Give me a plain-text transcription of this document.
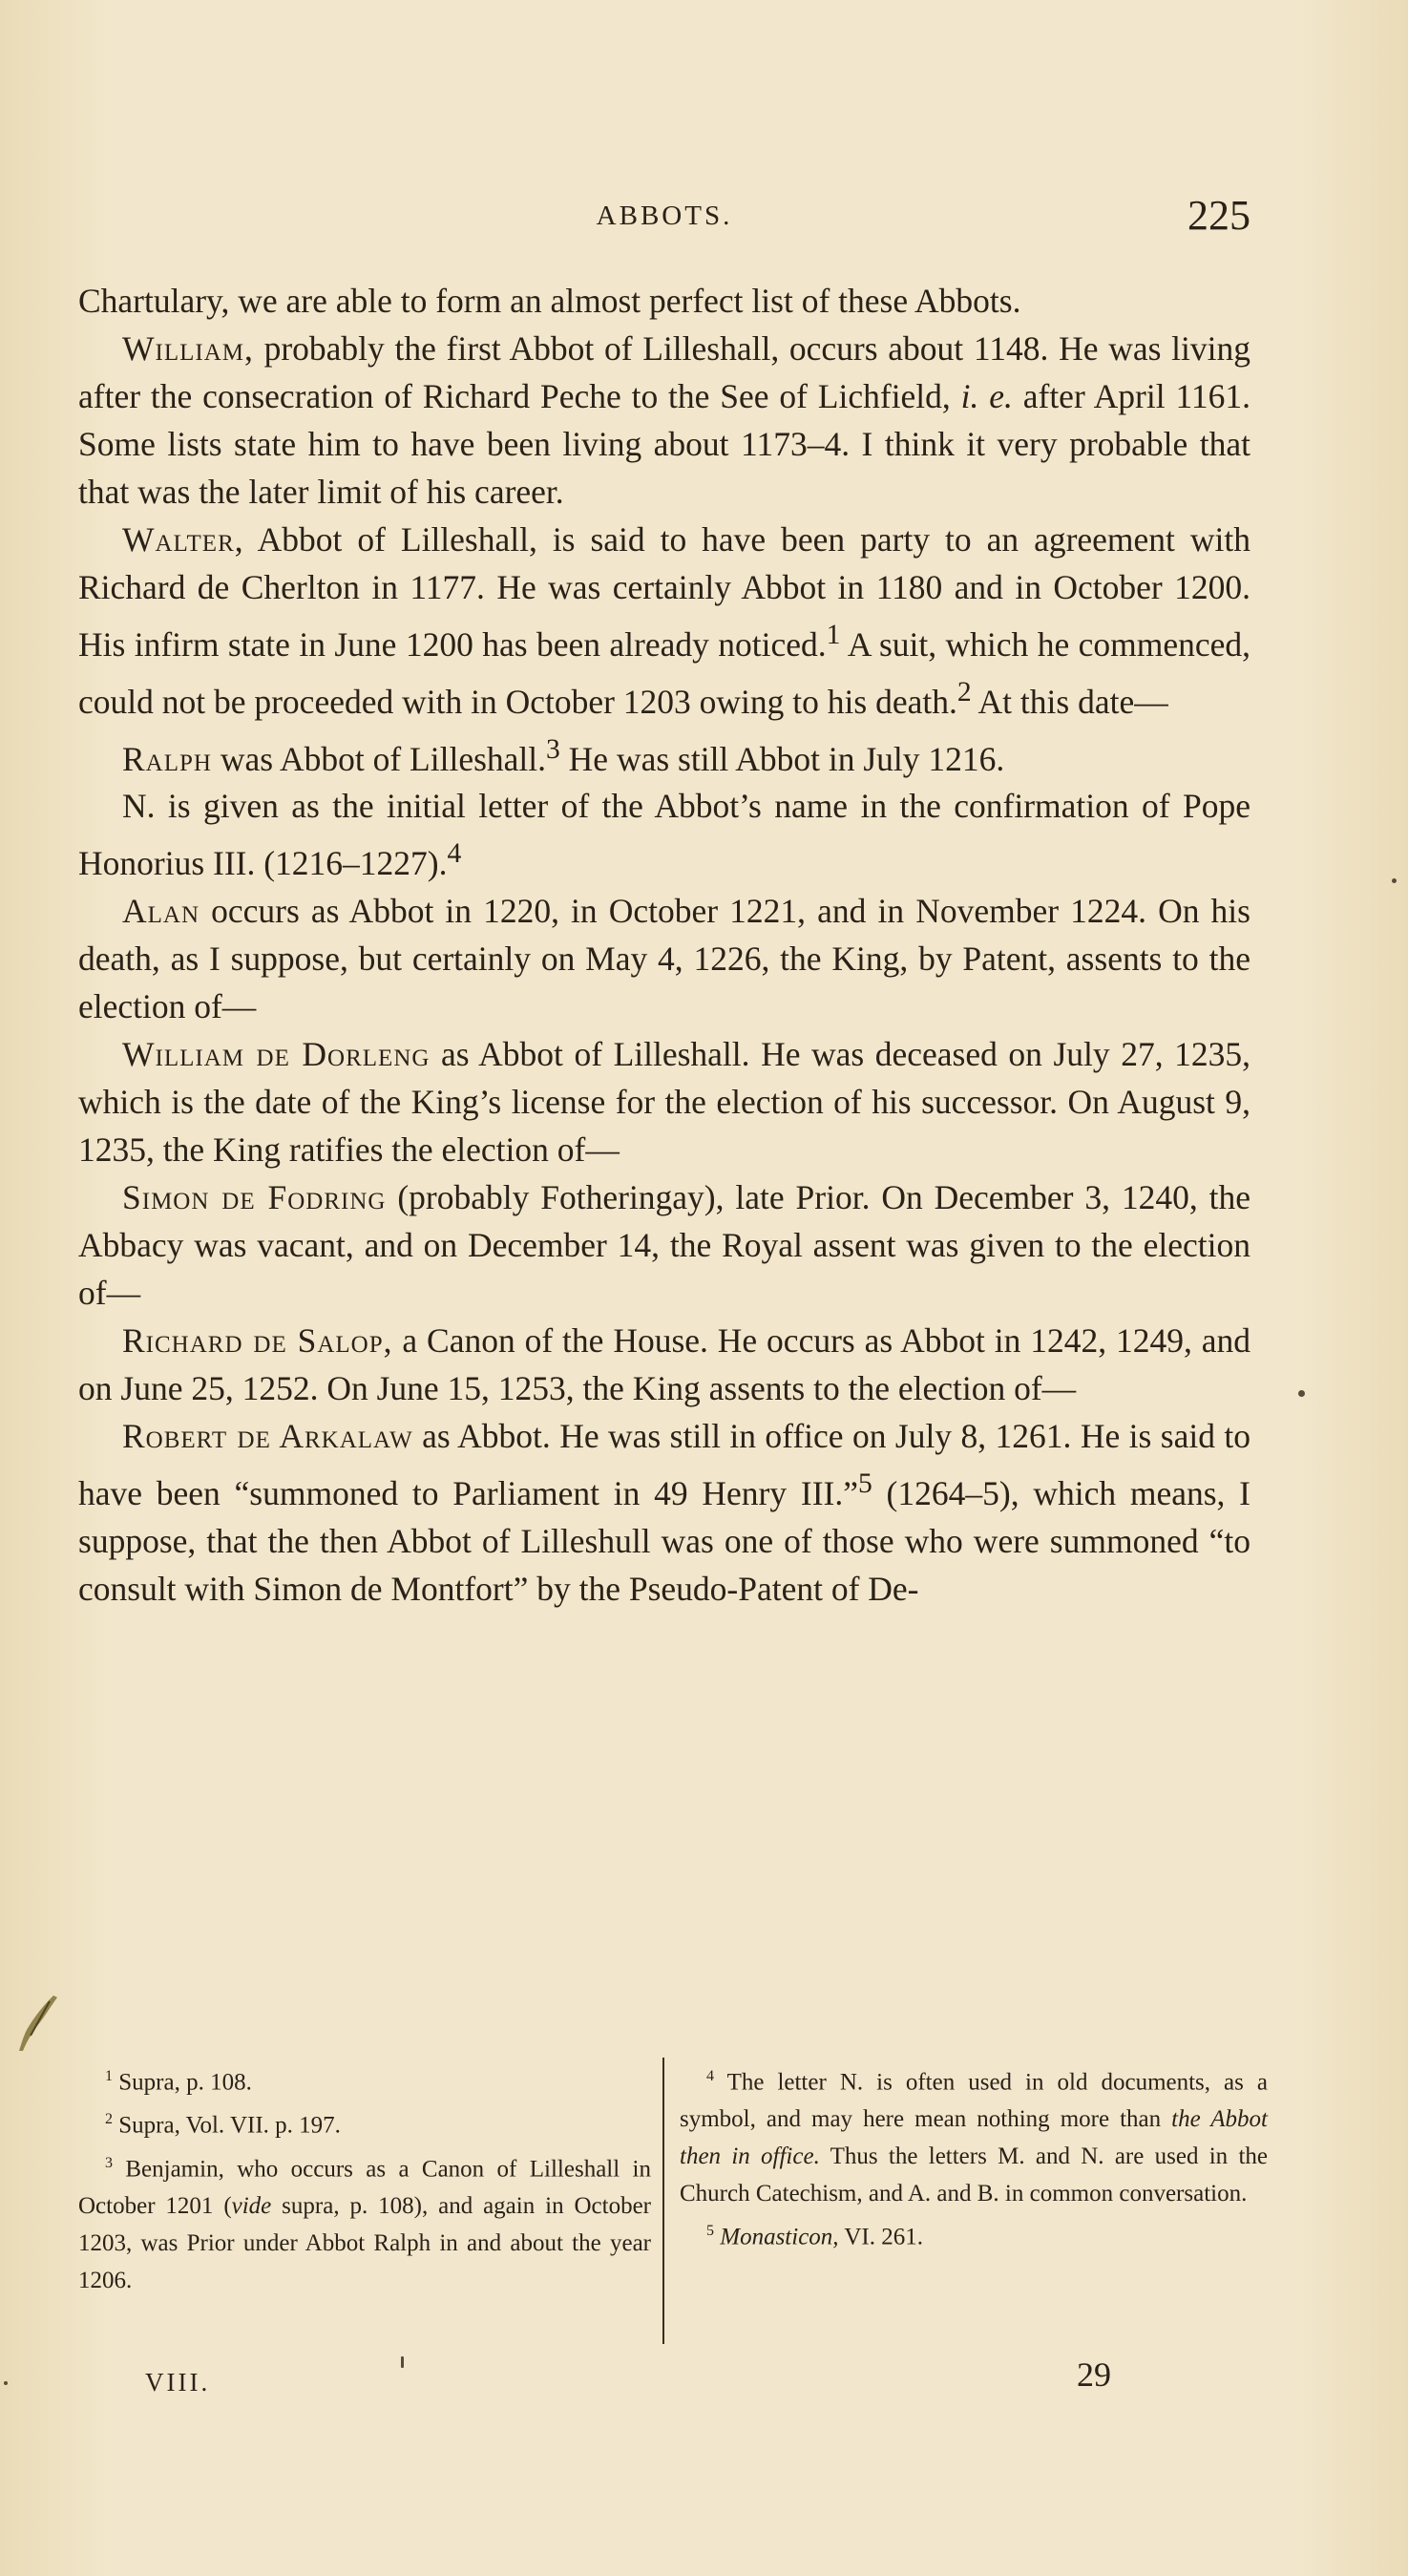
ABBOTS.	225

Chartulary, we are able to form an almost perfect list of these Abbots.

William, probably the first Abbot of Lilleshall, occurs about 1148. He was living after the consecration of Richard Peche to the See of Lichfield, i. e. after April 1161. Some lists state him to have been living about 1173–4. I think it very probable that that was the later limit of his career.

Walter, Abbot of Lilleshall, is said to have been party to an agreement with Richard de Cherlton in 1177. He was certainly Abbot in 1180 and in October 1200. His infirm state in June 1200 has been already noticed.$^1$ A suit, which he commenced, could not be proceeded with in October 1203 owing to his death.$^2$ At this date—

Ralph was Abbot of Lilleshall.$^3$ He was still Abbot in July 1216.

N. is given as the initial letter of the Abbot’s name in the confirmation of Pope Honorius III. (1216–1227).$^4$

Alan occurs as Abbot in 1220, in October 1221, and in November 1224. On his death, as I suppose, but certainly on May 4, 1226, the King, by Patent, assents to the election of—

William de Dorleng as Abbot of Lilleshall. He was deceased on July 27, 1235, which is the date of the King’s license for the election of his successor. On August 9, 1235, the King ratifies the election of—

Simon de Fodring (probably Fotheringay), late Prior. On December 3, 1240, the Abbacy was vacant, and on December 14, the Royal assent was given to the election of—

Richard de Salop, a Canon of the House. He occurs as Abbot in 1242, 1249, and on June 25, 1252. On June 15, 1253, the King assents to the election of—

Robert de Arkalaw as Abbot. He was still in office on July 8, 1261. He is said to have been “summoned to Parliament in 49 Henry III.”$^5$ (1264–5), which means, I suppose, that the then Abbot of Lilleshull was one of those who were summoned “to consult with Simon de Montfort” by the Pseudo-Patent of De-

$^1$ Supra, p. 108.

$^2$ Supra, Vol. VII. p. 197.

$^3$ Benjamin, who occurs as a Canon of Lilleshall in October 1201 (vide supra, p. 108), and again in October 1203, was Prior under Abbot Ralph in and about the year 1206.

$^4$ The letter N. is often used in old documents, as a symbol, and may here mean nothing more than the Abbot then in office. Thus the letters M. and N. are used in the Church Catechism, and A. and B. in common conversation.

$^5$ Monasticon, VI. 261.

VIII.	29
